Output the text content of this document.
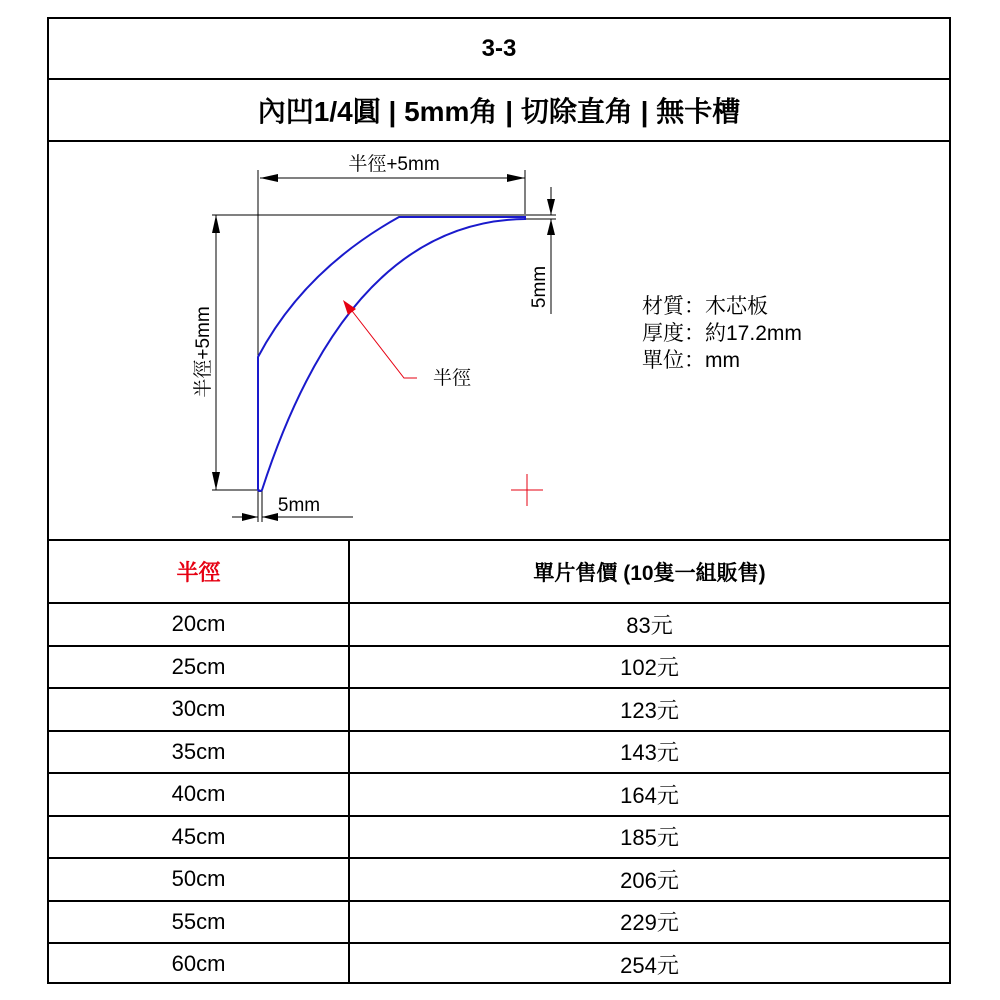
3-3
內凹1/4圓 | 5mm角 | 切除直角 | 無卡槽
半徑+5mm
半徑+5mm
5mm
5mm
半徑
材質：木芯板
厚度：約17.2mm
單位：mm
半徑	單片售價 (10隻一組販售)
20cm	83元
25cm	102元
30cm	123元
35cm	143元
40cm	164元
45cm	185元
50cm	206元
55cm	229元
60cm	254元
